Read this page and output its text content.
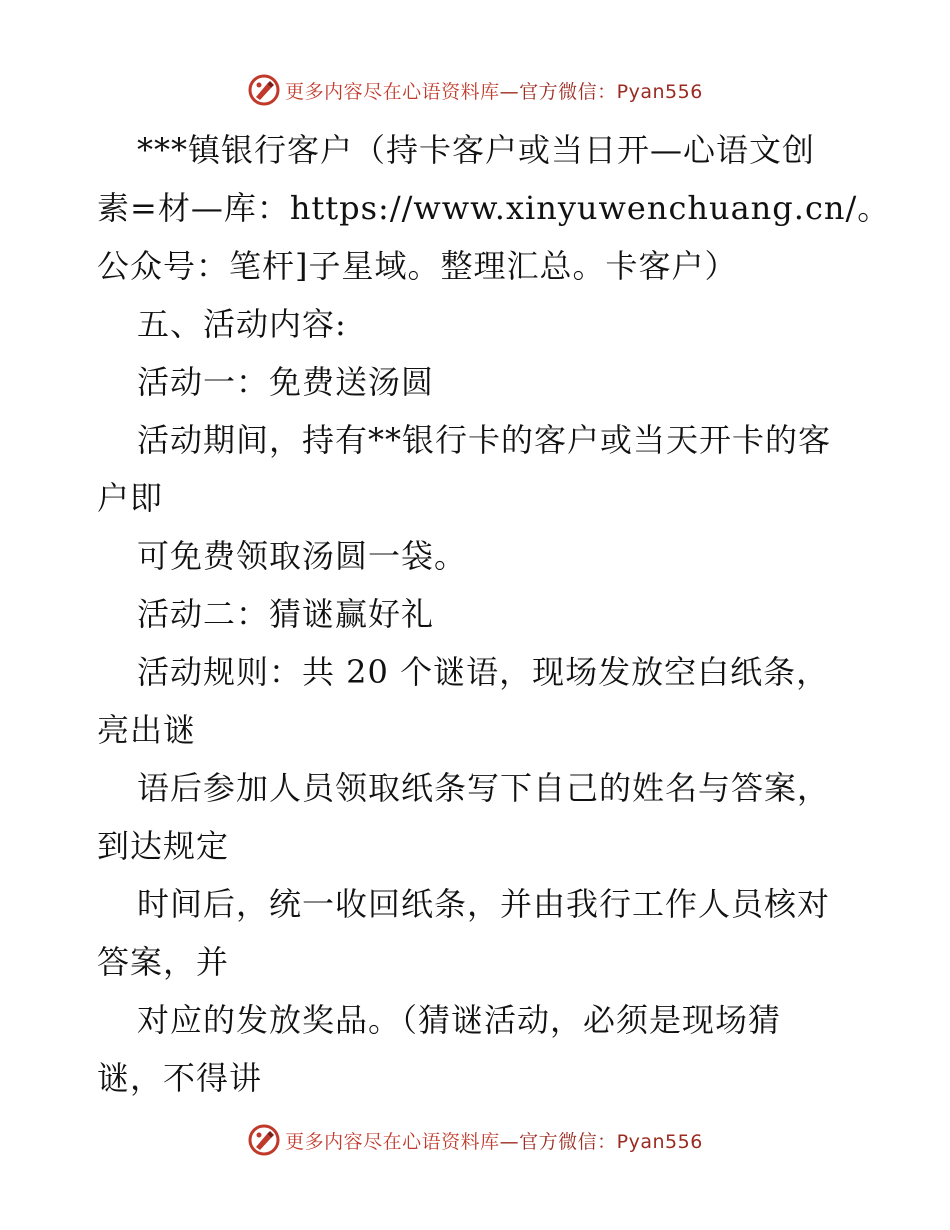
更多内容尽在心语资料库—官方微信：Pyan556
***镇银行客户（持卡客户或当日开—心语文创
素=材—库：https://www.xinyuwenchuang.cn/。
公众号：笔杆]子星域。整理汇总。卡客户）
五、活动内容:
活动一：免费送汤圆
活动期间，持有**银行卡的客户或当天开卡的客
户即
可免费领取汤圆一袋。
活动二：猜谜赢好礼
活动规则：共 20 个谜语，现场发放空白纸条，
亮出谜
语后参加人员领取纸条写下自己的姓名与答案，
到达规定
时间后，统一收回纸条，并由我行工作人员核对
答案，并
对应的发放奖品。（猜谜活动，必须是现场猜
谜，不得讲
更多内容尽在心语资料库—官方微信：Pyan556
